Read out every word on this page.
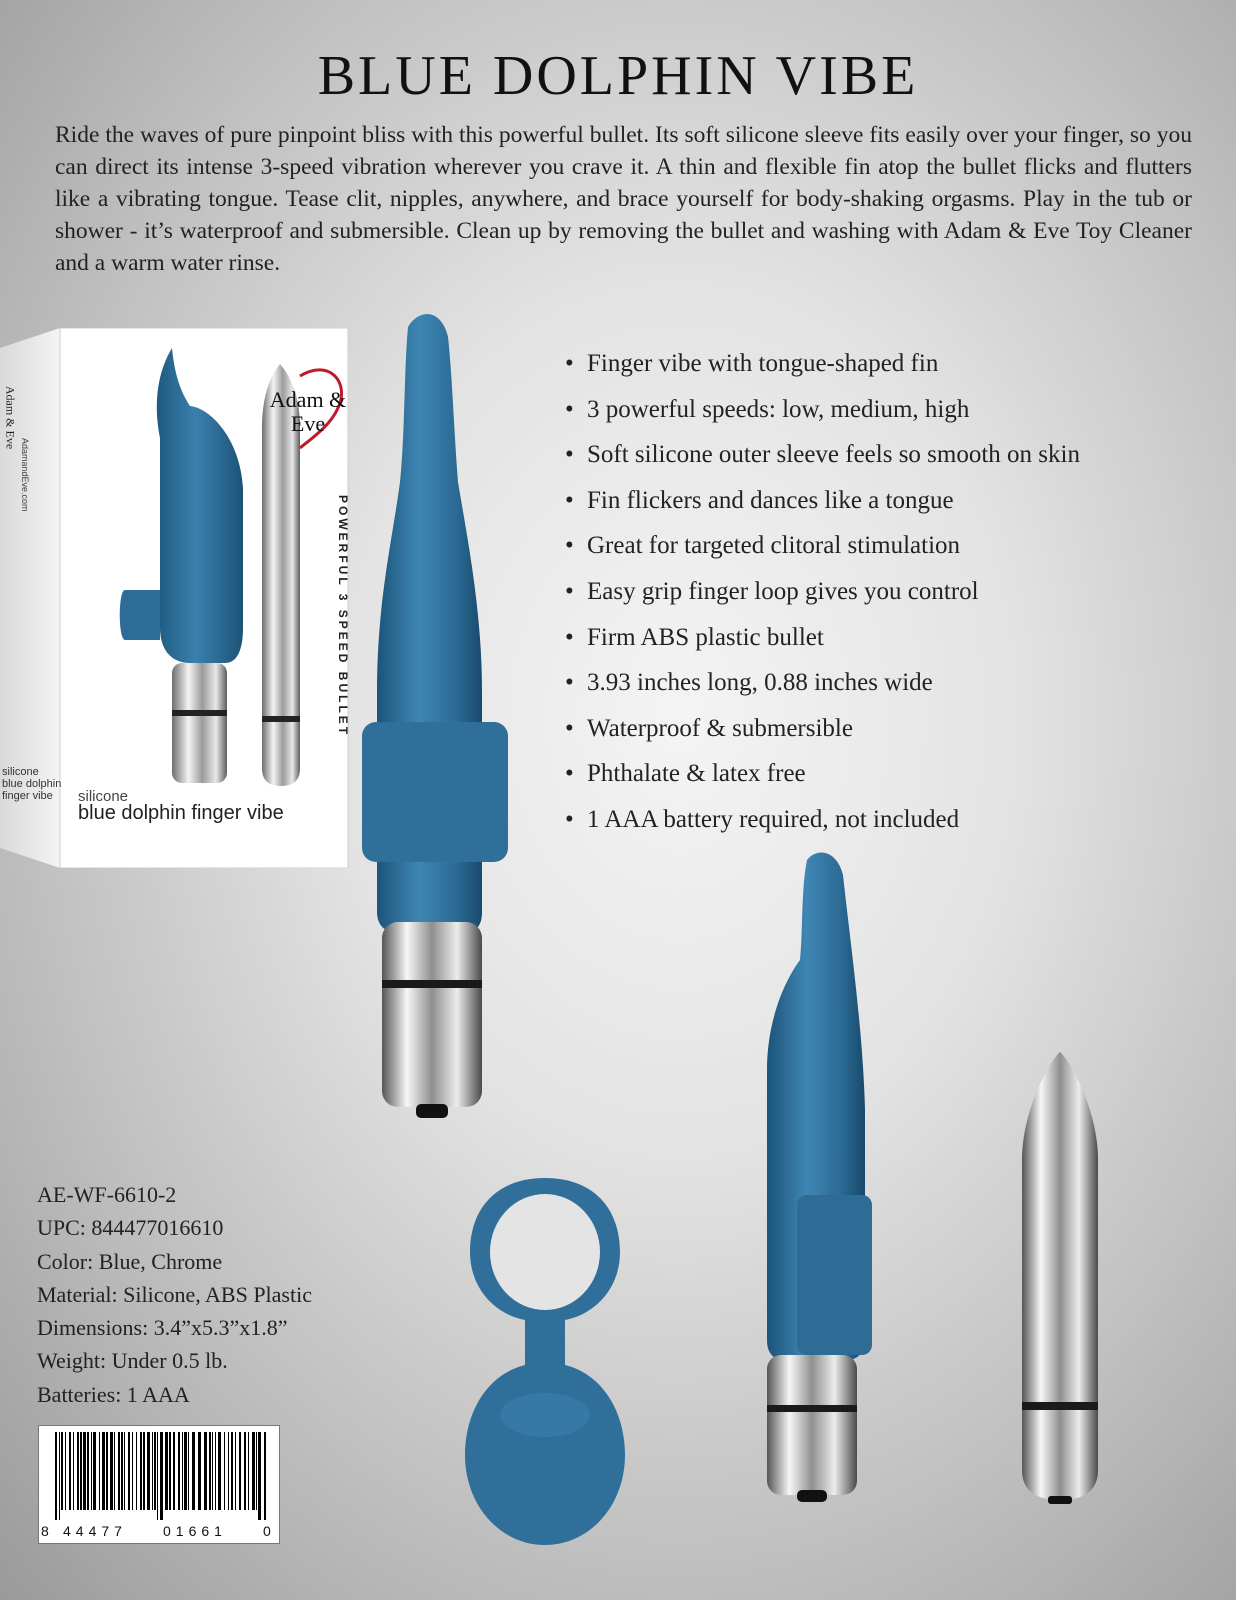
BLUE DOLPHIN VIBE

Ride the waves of pure pinpoint bliss with this powerful bullet. Its soft silicone sleeve fits easily over your finger, so you can direct its intense 3-speed vibration wherever you crave it. A thin and flexible fin atop the bullet flicks and flutters like a vibrating tongue. Tease clit, nipples, anywhere, and brace yourself for body-shaking orgasms. Play in the tub or shower - it’s waterproof and submersible. Clean up by removing the bullet and washing with Adam & Eve Toy Cleaner and a warm water rinse.

Adam & Eve
Adam & Eve
AdamandEve.com
silicone
blue dolphin
finger vibe
POWERFUL 3 SPEED BULLET
silicone
blue dolphin finger vibe
• Finger vibe with tongue-shaped fin
• 3 powerful speeds: low, medium, high
• Soft silicone outer sleeve feels so smooth on skin
• Fin flickers and dances like a tongue
• Great for targeted clitoral stimulation
• Easy grip finger loop gives you control
• Firm ABS plastic bullet
• 3.93 inches long, 0.88 inches wide
• Waterproof & submersible
• Phthalate & latex free
• 1 AAA battery required, not included
AE-WF-6610-2
UPC: 844477016610
Color: Blue, Chrome
Material: Silicone, ABS Plastic
Dimensions: 3.4”x5.3”x1.8”
Weight: Under 0.5 lb.
Batteries: 1 AAA
8 44477	01661	0
